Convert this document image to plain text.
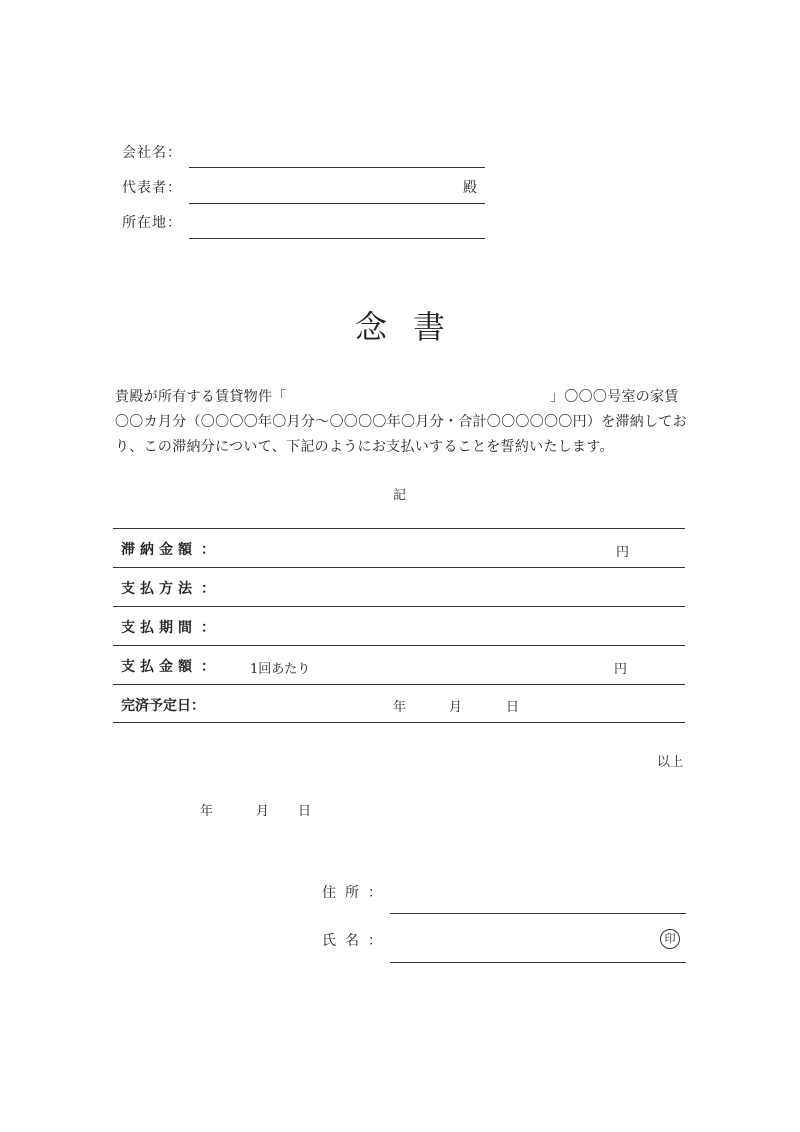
会社名：
代表者：	殿
所在地：
念 書
貴殿が所有する賃貸物件「	」〇〇〇号室の家賃
〇〇カ月分（〇〇〇〇年〇月分～〇〇〇〇年〇月分・合計〇〇〇〇〇〇円）を滞納してお
り、この滞納分について、下記のようにお支払いすることを誓約いたします。
記
滞 納 金 額 ：	円
支 払 方 法 ：
支 払 期 間 ：
支 払 金 額 ：	1回あたり	円
完済予定日：	年	月	日
以上
年	月 日
住 所 ：
氏 名 ：	印
